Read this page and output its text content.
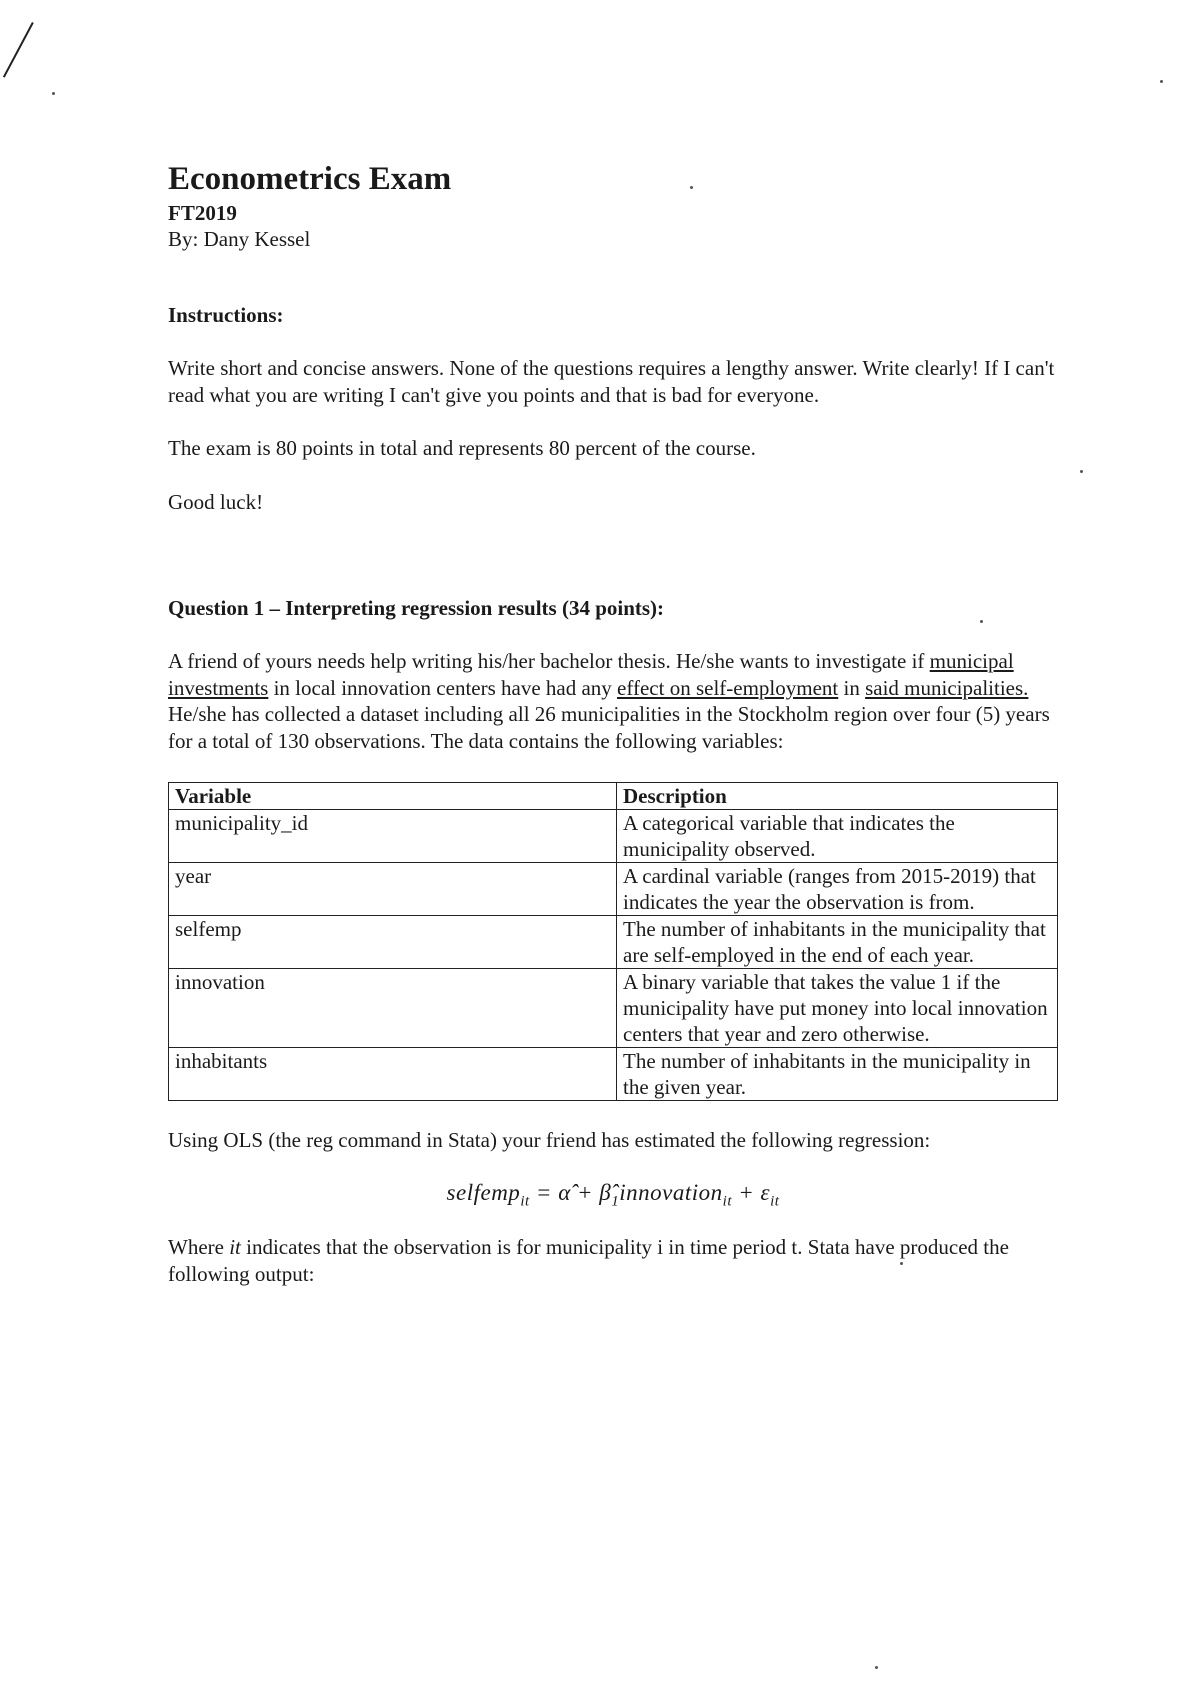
Econometrics Exam
FT2019
By: Dany Kessel
Instructions:

Write short and concise answers. None of the questions requires a lengthy answer. Write clearly! If I can't read what you are writing I can't give you points and that is bad for everyone.

The exam is 80 points in total and represents 80 percent of the course.

Good luck!

Question 1 – Interpreting regression results (34 points):

A friend of yours needs help writing his/her bachelor thesis. He/she wants to investigate if municipal investments in local innovation centers have had any effect on self-employment in said municipalities. He/she has collected a dataset including all 26 municipalities in the Stockholm region over four (5) years for a total of 130 observations. The data contains the following variables:

Variable	Description
municipality_id	A categorical variable that indicates the municipality observed.
year	A cardinal variable (ranges from 2015-2019) that indicates the year the observation is from.
selfemp	The number of inhabitants in the municipality that are self-employed in the end of each year.
innovation	A binary variable that takes the value 1 if the municipality have put money into local innovation centers that year and zero otherwise.
inhabitants	The number of inhabitants in the municipality in the given year.

Using OLS (the reg command in Stata) your friend has estimated the following regression:

selfemp$_{it}$ = α̂ + $\betâ_1innovation_{it} + \varepsilon_{it}$

Where it indicates that the observation is for municipality i in time period t. Stata have produced the following output:
